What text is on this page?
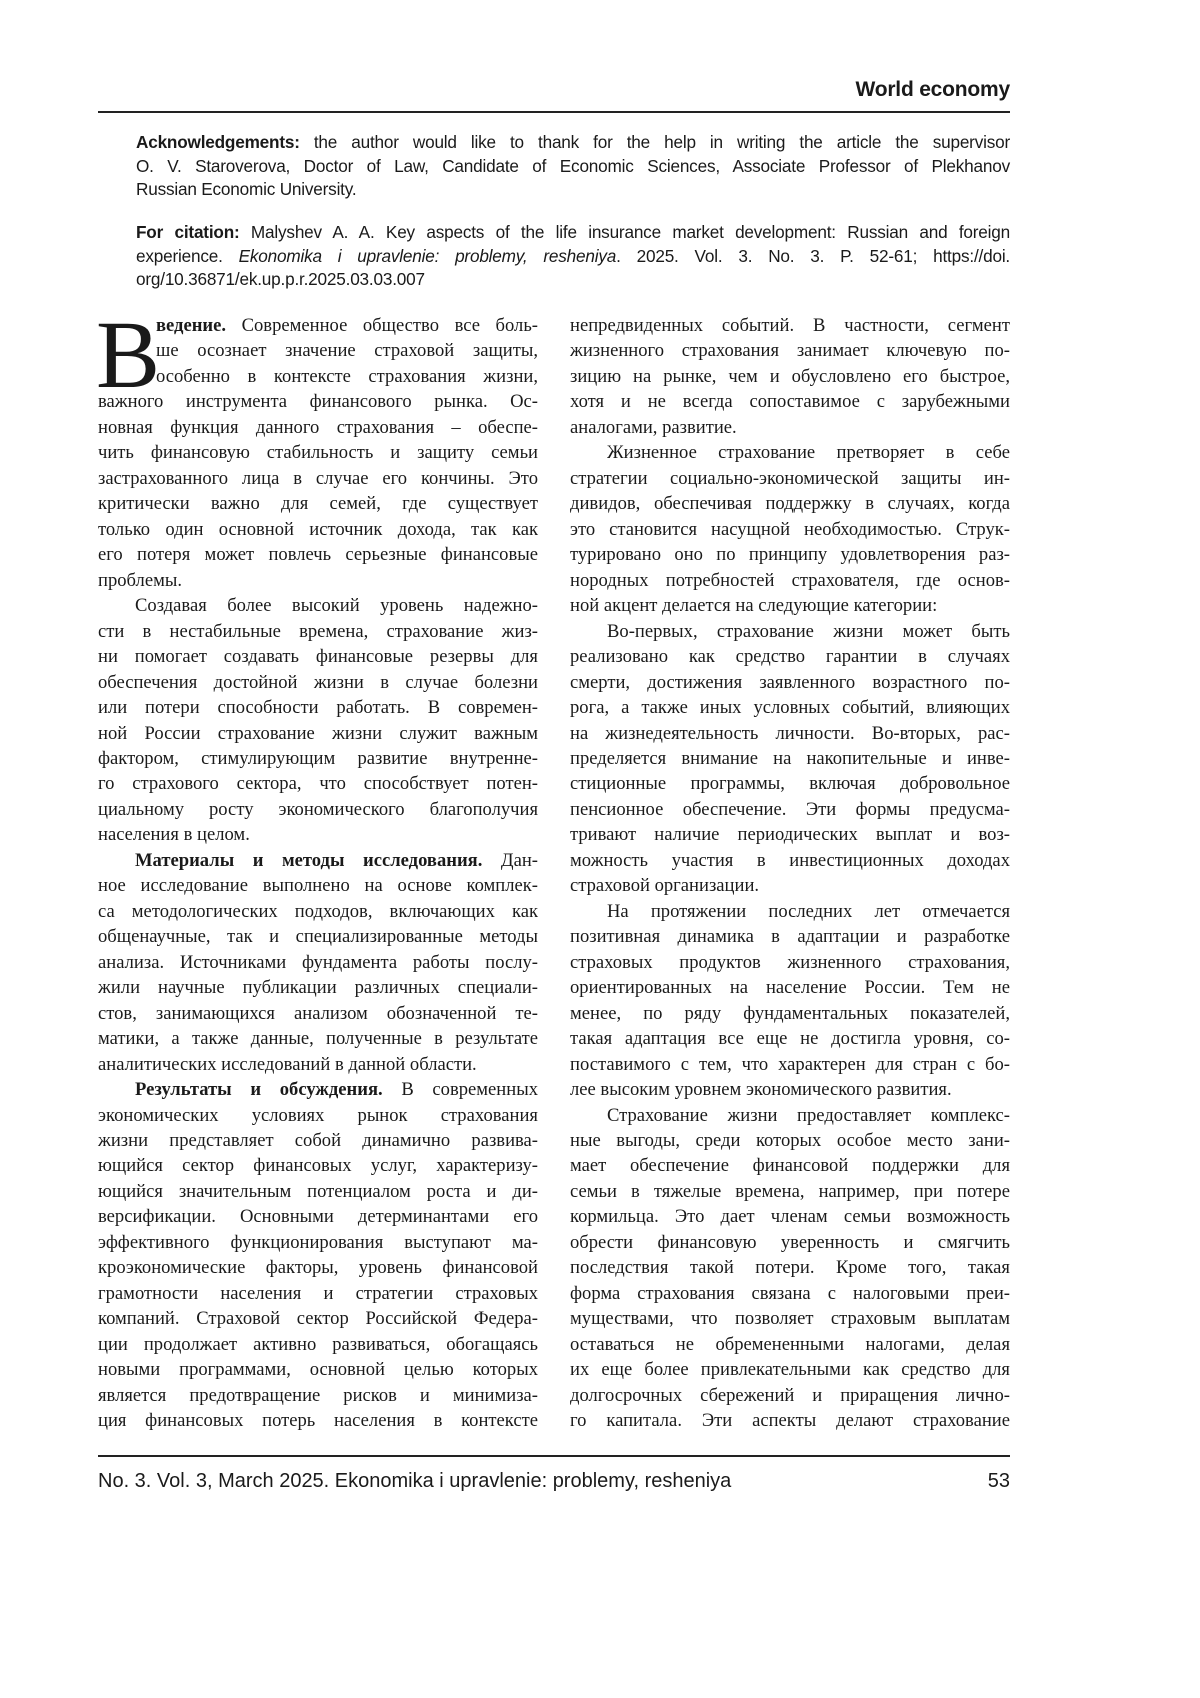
World economy
Acknowledgements: the author would like to thank for the help in writing the article the supervisor
O. V. Staroverova, Doctor of Law, Candidate of Economic Sciences, Associate Professor of Plekhanov
Russian Economic University.
For citation: Malyshev A. A. Key aspects of the life insurance market development: Russian and foreign
experience. Ekonomika i upravlenie: problemy, resheniya. 2025. Vol. 3. No. 3. P. 52-61; https://doi.
org/10.36871/ek.up.p.r.2025.03.03.007
В
ведение. Современное общество все боль-
ше осознает значение страховой защиты,
особенно в контексте страхования жизни,
важного инструмента финансового рынка. Ос-
новная функция данного страхования – обеспе-
чить финансовую стабильность и защиту семьи
застрахованного лица в случае его кончины. Это
критически важно для семей, где существует
только один основной источник дохода, так как
его потеря может повлечь серьезные финансовые
проблемы.
Создавая более высокий уровень надежно-
сти в нестабильные времена, страхование жиз-
ни помогает создавать финансовые резервы для
обеспечения достойной жизни в случае болезни
или потери способности работать. В современ-
ной России страхование жизни служит важным
фактором, стимулирующим развитие внутренне-
го страхового сектора, что способствует потен-
циальному росту экономического благополучия
населения в целом.
Материалы и методы исследования. Дан-
ное исследование выполнено на основе комплек-
са методологических подходов, включающих как
общенаучные, так и специализированные методы
анализа. Источниками фундамента работы послу-
жили научные публикации различных специали-
стов, занимающихся анализом обозначенной те-
матики, а также данные, полученные в результате
аналитических исследований в данной области.
Результаты и обсуждения. В современных
экономических условиях рынок страхования
жизни представляет собой динамично развива-
ющийся сектор финансовых услуг, характеризу-
ющийся значительным потенциалом роста и ди-
версификации. Основными детерминантами его
эффективного функционирования выступают ма-
кроэкономические факторы, уровень финансовой
грамотности населения и стратегии страховых
компаний. Страховой сектор Российской Федера-
ции продолжает активно развиваться, обогащаясь
новыми программами, основной целью которых
является предотвращение рисков и минимиза-
ция финансовых потерь населения в контексте
непредвиденных событий. В частности, сегмент
жизненного страхования занимает ключевую по-
зицию на рынке, чем и обусловлено его быстрое,
хотя и не всегда сопоставимое с зарубежными
аналогами, развитие.
Жизненное страхование претворяет в себе
стратегии социально-экономической защиты ин-
дивидов, обеспечивая поддержку в случаях, когда
это становится насущной необходимостью. Струк-
турировано оно по принципу удовлетворения раз-
нородных потребностей страхователя, где основ-
ной акцент делается на следующие категории:
Во-первых, страхование жизни может быть
реализовано как средство гарантии в случаях
смерти, достижения заявленного возрастного по-
рога, а также иных условных событий, влияющих
на жизнедеятельность личности. Во-вторых, рас-
пределяется внимание на накопительные и инве-
стиционные программы, включая добровольное
пенсионное обеспечение. Эти формы предусма-
тривают наличие периодических выплат и воз-
можность участия в инвестиционных доходах
страховой организации.
На протяжении последних лет отмечается
позитивная динамика в адаптации и разработке
страховых продуктов жизненного страхования,
ориентированных на население России. Тем не
менее, по ряду фундаментальных показателей,
такая адаптация все еще не достигла уровня, со-
поставимого с тем, что характерен для стран с бо-
лее высоким уровнем экономического развития.
Страхование жизни предоставляет комплекс-
ные выгоды, среди которых особое место зани-
мает обеспечение финансовой поддержки для
семьи в тяжелые времена, например, при потере
кормильца. Это дает членам семьи возможность
обрести финансовую уверенность и смягчить
последствия такой потери. Кроме того, такая
форма страхования связана с налоговыми преи-
муществами, что позволяет страховым выплатам
оставаться не обремененными налогами, делая
их еще более привлекательными как средство для
долгосрочных сбережений и приращения лично-
го капитала. Эти аспекты делают страхование
No. 3. Vol. 3, March 2025. Ekonomika i upravlenie: problemy, resheniya	53
